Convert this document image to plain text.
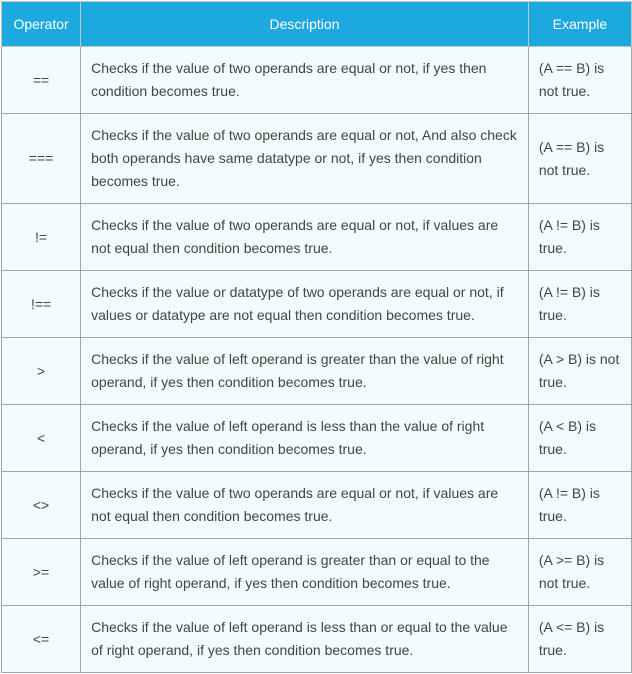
Operator	Description	Example
==	Checks if the value of two operands are equal or not, if yes then condition becomes true.	(A == B) is not true.
===	Checks if the value of two operands are equal or not, And also check both operands have same datatype or not, if yes then condition becomes true.	(A == B) is not true.
!=	Checks if the value of two operands are equal or not, if values are not equal then condition becomes true.	(A != B) is true.
!==	Checks if the value or datatype of two operands are equal or not, if values or datatype are not equal then condition becomes true.	(A != B) is true.
>	Checks if the value of left operand is greater than the value of right operand, if yes then condition becomes true.	(A > B) is not true.
<	Checks if the value of left operand is less than the value of right operand, if yes then condition becomes true.	(A < B) is true.
<>	Checks if the value of two operands are equal or not, if values are not equal then condition becomes true.	(A != B) is true.
>=	Checks if the value of left operand is greater than or equal to the value of right operand, if yes then condition becomes true.	(A >= B) is not true.
<=	Checks if the value of left operand is less than or equal to the value of right operand, if yes then condition becomes true.	(A <= B) is true.
